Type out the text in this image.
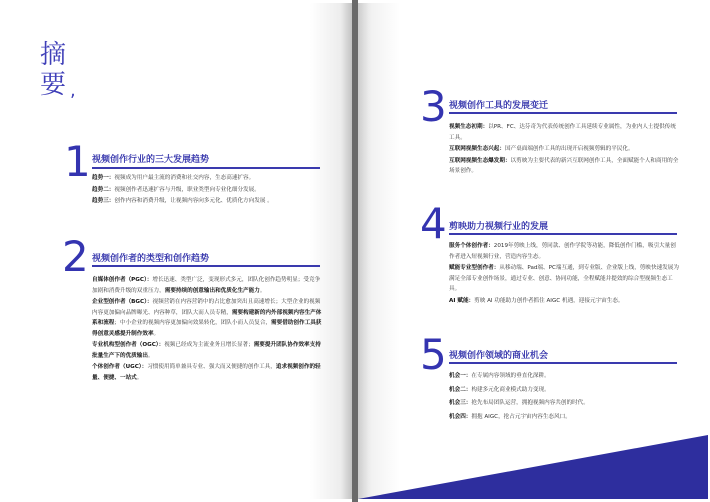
摘
要 ,
1 视频创作行业的三大发展趋势

趋势一：视频成为用户最主流的消费和社交内容，生态高速扩容。

趋势二：视频创作者迅速扩容与升级，职业类型向专业化细分发展。

趋势三：创作内容和消费升级，让视频内容向多元化、优质化方向发展 。

2 视频创作者的类型和创作趋势

自媒体创作者（PGC）：增长迅速、类型广泛，变现形式多元，团队化创作趋势明显；受竞争加剧和消费升级的双重压力，需要持续的创意输出和优质化生产能力。

企业型创作者（BGC）：视频营销在内容营销中的占比愈加突出且高速增长；大型企业的视频内容更加偏向品牌曝光、内容种草，团队大而人员专精，需要构建新的内外部视频内容生产体系和流程；中小企业的视频内容更加偏向效果转化，团队小而人员复合，需要借助创作工具获得创意灵感提升制作效率。

专业机构型创作者（OGC）：视频已经成为主流业务且增长显著；需要提升团队协作效率支持批量生产下的优质输出。

个体创作者（UGC）：习惯使用简单兼具专业、强大而又便捷的创作工具，追求视频创作的轻量、便捷、一站式。

3 视频创作工具的发展变迁

视频生态初期：以PR、FC、达芬奇为代表传统创作工具延续专业属性，为业内人士提供传统工具。

互联网视频生态兴起：国产桌面端创作工具的出现开启视频剪辑的平民化。

互联网视频生态爆发期：以剪映为主要代表的新兴互联网创作工具，全面赋能个人和商用的全场景创作。

4 剪映助力视频行业的发展

服务个体创作者：2019年剪映上线，剪同款、创作学院等功能，降低创作门槛，吸引大量创作者进入短视频行业，营造内容生态。

赋能专业型创作者：从移动端、Pad端、PC端互通，到专业版、企业版上线，剪映快速发展为满足全部专业创作场景，通过专业、创意、协同功能，全程赋能并提效的综合型视频生态工具。

AI 赋能：剪映 AI 功能助力创作者抓住 AIGC 机遇，迎接元宇宙生态。

5 视频创作领域的商业机会

机会一：在专属内容领域的垂直化深耕。

机会二：构建多元化商业模式助力变现。

机会三：抢先布局团队运营，拥抱视频内容共创的时代。

机会四：拥抱 AIGC，抢占元宇宙内容生态风口。
